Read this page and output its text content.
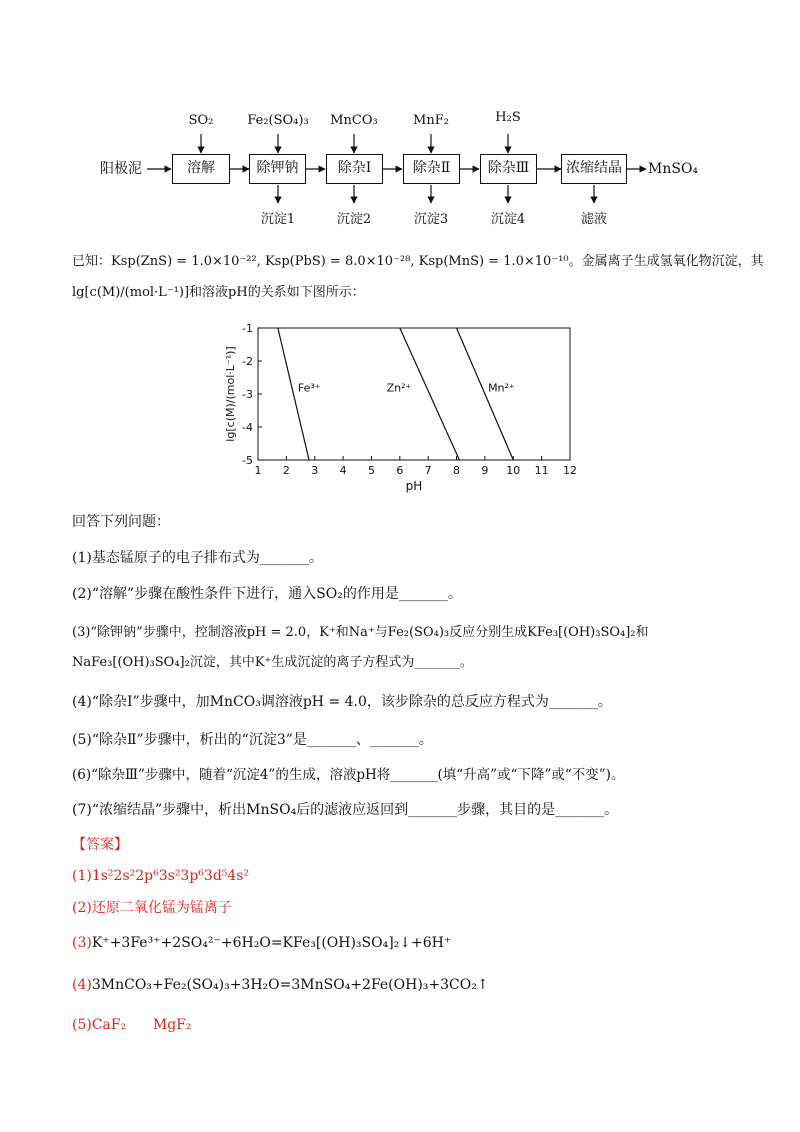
阳极泥	溶解	除钾钠	除杂Ⅰ	除杂Ⅱ	除杂Ⅲ	浓缩结晶	MnSO₄
SO₂	Fe₂(SO₄)₃	MnCO₃	MnF₂	H₂S
沉淀1	沉淀2	沉淀3	沉淀4	滤液
已知：Ksp(ZnS) = 1.0×10⁻²², Ksp(PbS) = 8.0×10⁻²⁸, Ksp(MnS) = 1.0×10⁻¹⁰。金属离子生成氢氧化物沉淀，其
lg[c(M)/(mol·L⁻¹)]和溶液pH的关系如下图所示：
1 2 3 4 5 6 7 8 9 10 11 12
-1
-2
-3
-4
-5
pH
lg[c(M)/(mol·L⁻¹)]	Fe³⁺	Zn²⁺	Mn²⁺
回答下列问题：
(1)基态锰原子的电子排布式为_______。
(2)“溶解”步骤在酸性条件下进行，通入SO₂的作用是_______。
(3)“除钾钠”步骤中，控制溶液pH = 2.0，K⁺和Na⁺与Fe₂(SO₄)₃反应分别生成KFe₃[(OH)₃SO₄]₂和
NaFe₃[(OH)₃SO₄]₂沉淀，其中K⁺生成沉淀的离子方程式为_______。
(4)“除杂Ⅰ”步骤中，加MnCO₃调溶液pH = 4.0，该步除杂的总反应方程式为_______。
(5)“除杂Ⅱ”步骤中，析出的“沉淀3”是_______、_______。
(6)“除杂Ⅲ”步骤中，随着“沉淀4”的生成，溶液pH将_______(填“升高”或“下降”或“不变”)。
(7)“浓缩结晶”步骤中，析出MnSO₄后的滤液应返回到_______步骤，其目的是_______。
【答案】
(1)1s²2s²2p⁶3s²3p⁶3d⁵4s²
(2)还原二氧化锰为锰离子
(3)K⁺+3Fe³⁺+2SO₄²⁻+6H₂O=KFe₃[(OH)₃SO₄]₂↓+6H⁺
(4)3MnCO₃+Fe₂(SO₄)₃+3H₂O=3MnSO₄+2Fe(OH)₃+3CO₂↑
(5)CaF₂      MgF₂
